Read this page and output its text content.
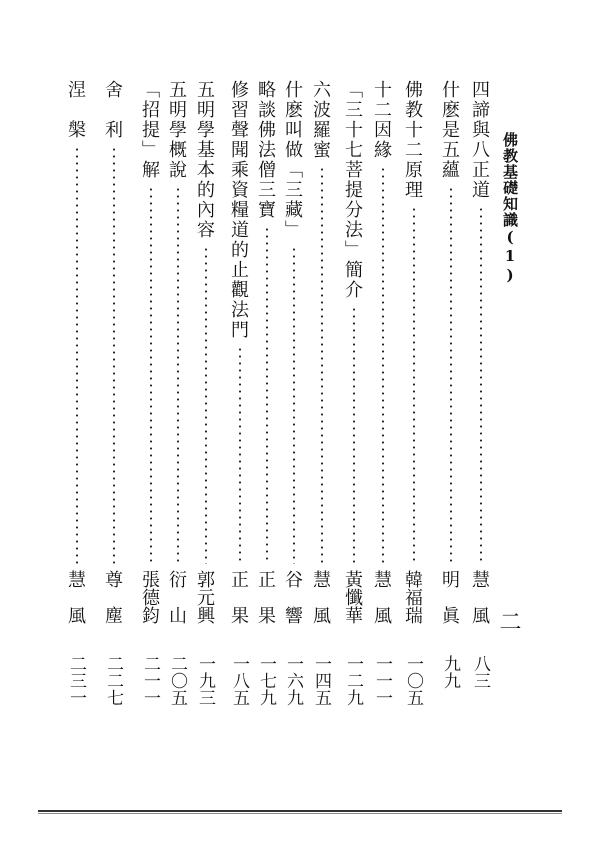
佛教基礎知識(1)
二
四諦與八正道
慧　風
八三
什麽是五蘊
明　眞
九九
佛教十二原理
韓福瑞
一〇五
十二因緣
慧　風
一一一
「三十七菩提分法」簡介
黃懺華
一二九
六波羅蜜
慧　風
一四五
什麽叫做「三藏」
谷　響
一六九
略談佛法僧三寶
正　果
一七九
修習聲聞乘資糧道的止觀法門
正　果
一八五
五明學基本的內容
郭元興
一九三
五明學概說
衍　山
二〇五
「招提」解
張德鈞
二一一
舍　利
尊　塵
二二七
涅　槃
慧　風
二三一
